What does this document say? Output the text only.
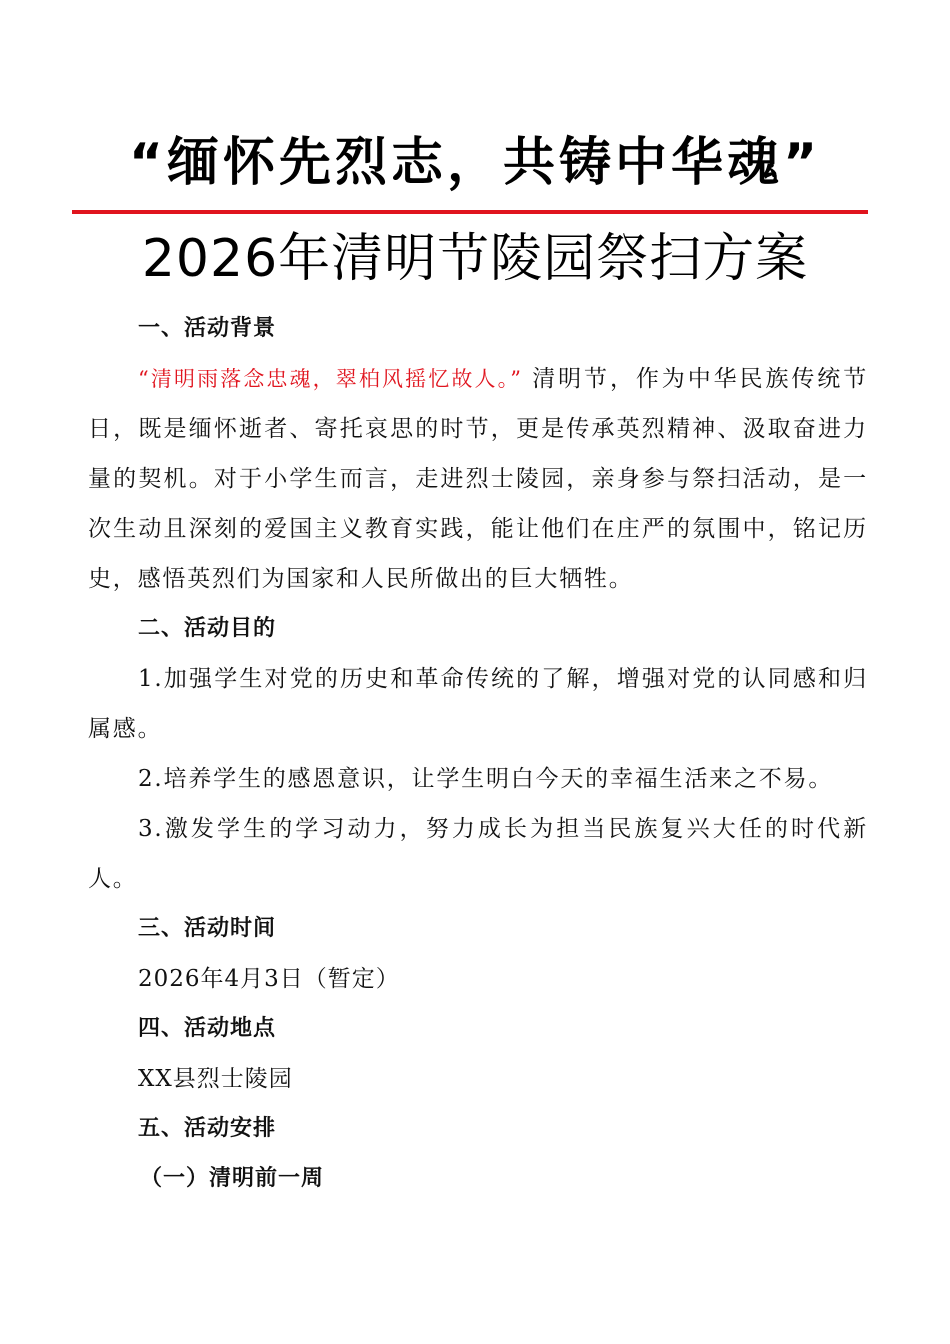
“缅怀先烈志，共铸中华魂”
2026年清明节陵园祭扫方案

一、活动背景

“清明雨落念忠魂，翠柏风摇忆故人。” 清明节，作为中华民族传统节日，既是缅怀逝者、寄托哀思的时节，更是传承英烈精神、汲取奋进力量的契机。对于小学生而言，走进烈士陵园，亲身参与祭扫活动，是一次生动且深刻的爱国主义教育实践，能让他们在庄严的氛围中，铭记历史，感悟英烈们为国家和人民所做出的巨大牺牲。

二、活动目的

1.加强学生对党的历史和革命传统的了解，增强对党的认同感和归属感。

2.培养学生的感恩意识，让学生明白今天的幸福生活来之不易。

3.激发学生的学习动力，努力成长为担当民族复兴大任的时代新人。

三、活动时间

2026年4月3日（暂定）

四、活动地点

XX县烈士陵园

五、活动安排

（一）清明前一周
